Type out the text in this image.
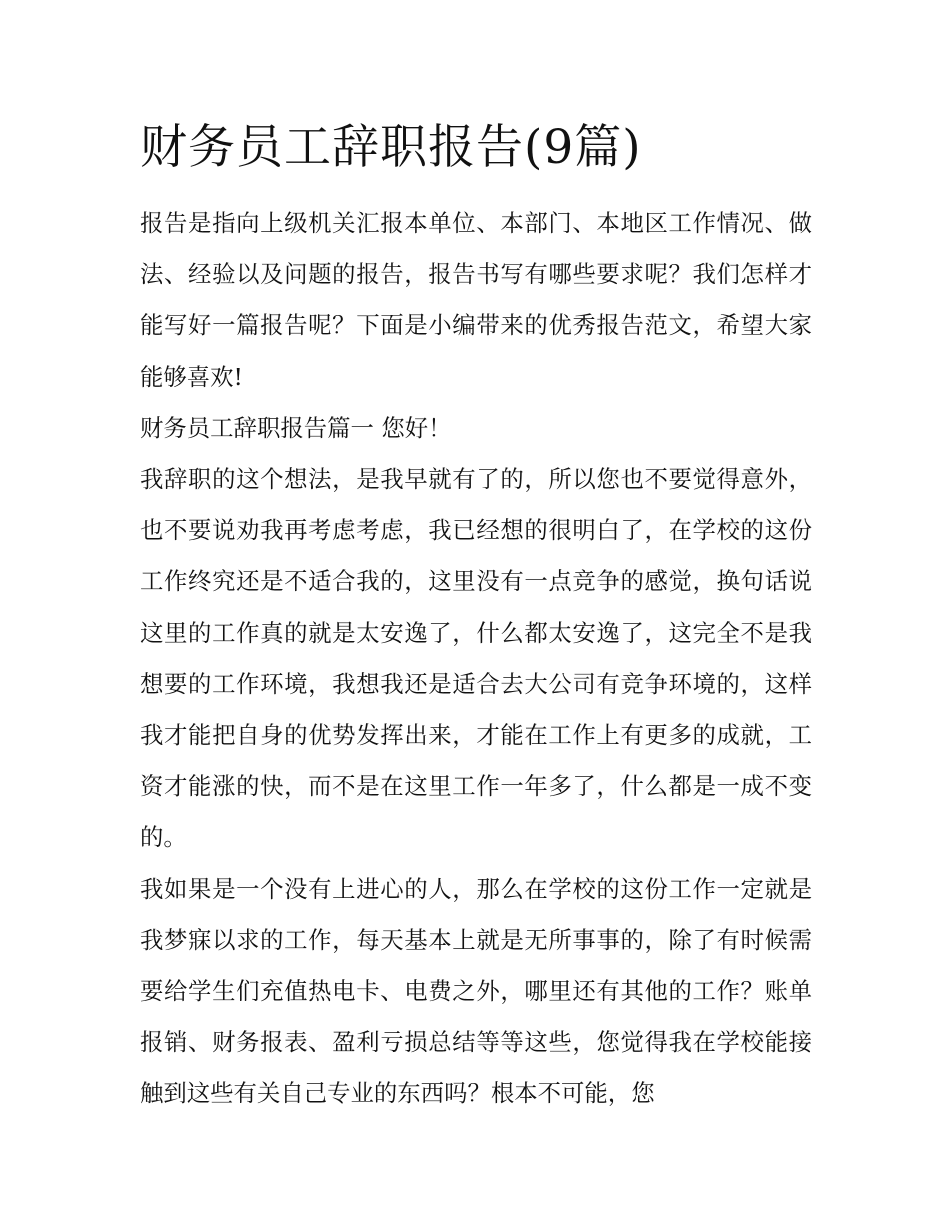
财务员工辞职报告(9篇)

报告是指向上级机关汇报本单位、本部门、本地区工作情况、做法、经验以及问题的报告，报告书写有哪些要求呢？我们怎样才能写好一篇报告呢？下面是小编带来的优秀报告范文，希望大家能够喜欢!

财务员工辞职报告篇一 您好！

我辞职的这个想法，是我早就有了的，所以您也不要觉得意外，也不要说劝我再考虑考虑，我已经想的很明白了，在学校的这份工作终究还是不适合我的，这里没有一点竞争的感觉，换句话说这里的工作真的就是太安逸了，什么都太安逸了，这完全不是我想要的工作环境，我想我还是适合去大公司有竞争环境的，这样我才能把自身的优势发挥出来，才能在工作上有更多的成就，工资才能涨的快，而不是在这里工作一年多了，什么都是一成不变的。

我如果是一个没有上进心的人，那么在学校的这份工作一定就是我梦寐以求的工作，每天基本上就是无所事事的，除了有时候需要给学生们充值热电卡、电费之外，哪里还有其他的工作？账单报销、财务报表、盈利亏损总结等等这些，您觉得我在学校能接触到这些有关自己专业的东西吗？根本不可能，您
